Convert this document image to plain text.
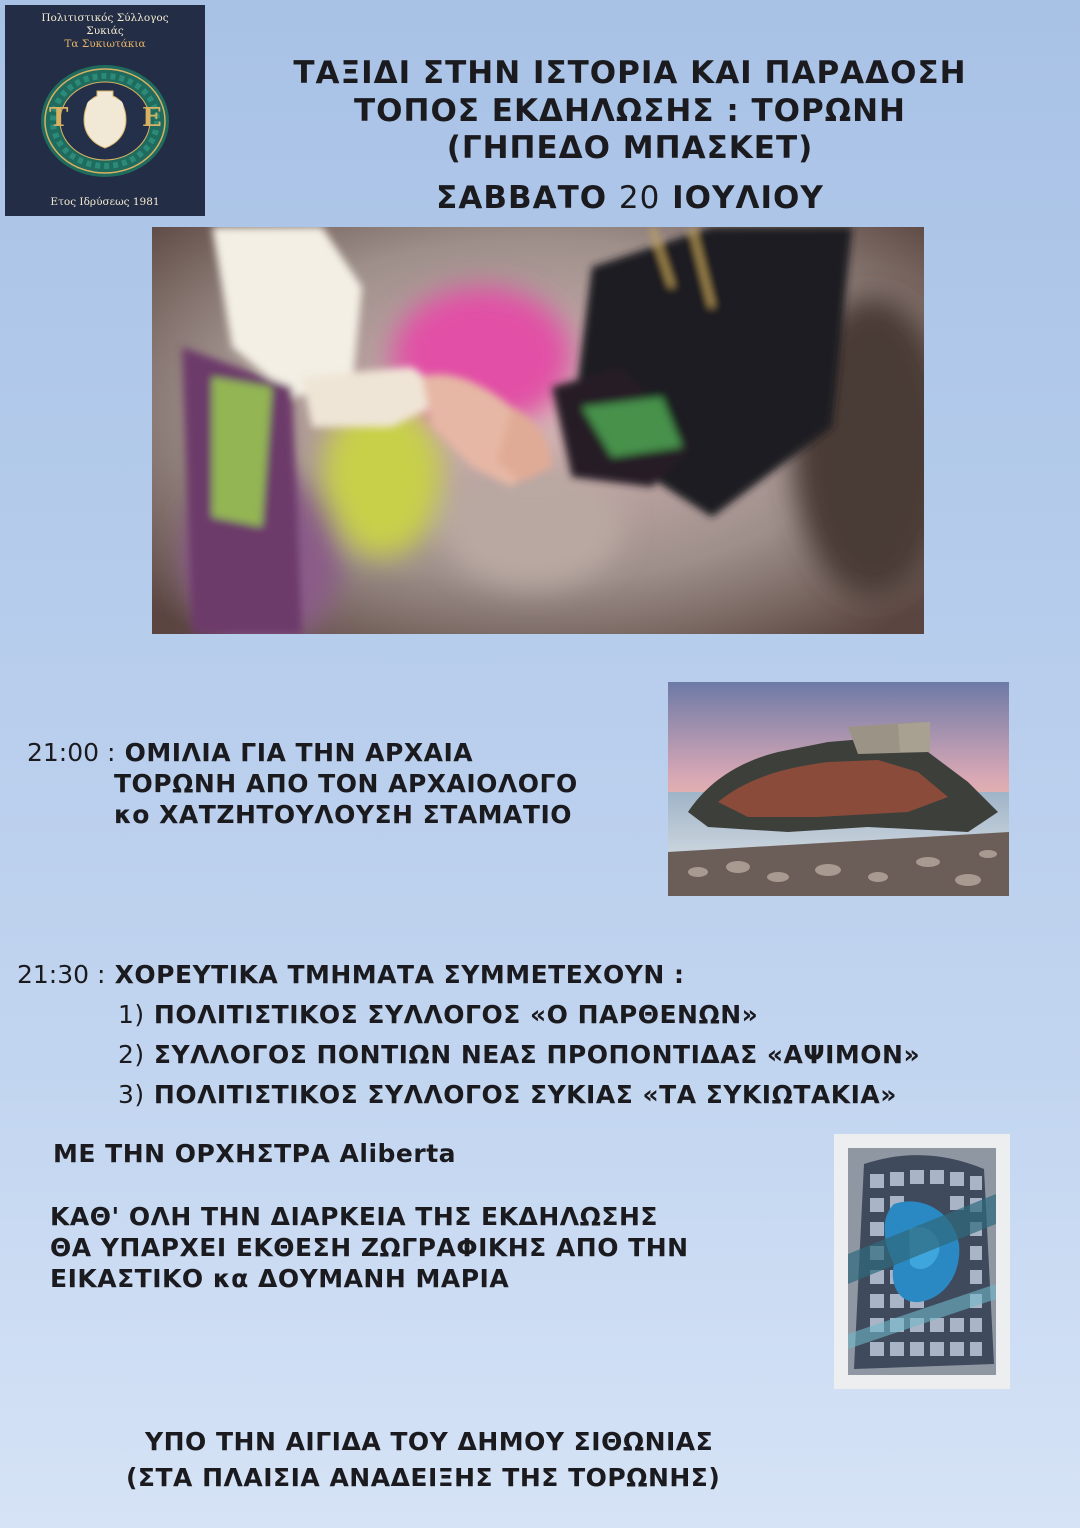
Πολιτιστικός Σύλλογος
Συκιάς
Τα Συκιωτάκια
Τ	Ε
Ετος Ιδρύσεως 1981
ΤΑΞΙΔΙ ΣΤΗΝ ΙΣΤΟΡΙΑ ΚΑΙ ΠΑΡΑΔΟΣΗ
ΤΟΠΟΣ ΕΚΔΗΛΩΣΗΣ : ΤΟΡΩΝΗ
(ΓΗΠΕΔΟ ΜΠΑΣΚΕΤ)
ΣΑΒΒΑΤΟ 20 ΙΟΥΛΙΟΥ
21:00 : ΟΜΙΛΙΑ ΓΙΑ ΤΗΝ ΑΡΧΑΙΑ
ΤΟΡΩΝΗ ΑΠΟ ΤΟΝ ΑΡΧΑΙΟΛΟΓΟ
κο ΧΑΤΖΗΤΟΥΛΟΥΣΗ ΣΤΑΜΑΤΙΟ
21:30 : ΧΟΡΕΥΤΙΚΑ ΤΜΗΜΑΤΑ ΣΥΜΜΕΤΕΧΟΥΝ :
1) ΠΟΛΙΤΙΣΤΙΚΟΣ ΣΥΛΛΟΓΟΣ «Ο ΠΑΡΘΕΝΩΝ»
2) ΣΥΛΛΟΓΟΣ ΠΟΝΤΙΩΝ ΝΕΑΣ ΠΡΟΠΟΝΤΙΔΑΣ «ΑΨΙΜΟΝ»
3) ΠΟΛΙΤΙΣΤΙΚΟΣ ΣΥΛΛΟΓΟΣ ΣΥΚΙΑΣ «ΤΑ ΣΥΚΙΩΤΑΚΙΑ»
ΜΕ ΤΗΝ ΟΡΧΗΣΤΡΑ Aliberta
ΚΑΘ' ΟΛΗ ΤΗΝ ΔΙΑΡΚΕΙΑ ΤΗΣ ΕΚΔΗΛΩΣΗΣ
ΘΑ ΥΠΑΡΧΕΙ ΕΚΘΕΣΗ ΖΩΓΡΑΦΙΚΗΣ ΑΠΟ ΤΗΝ
ΕΙΚΑΣΤΙΚΟ κα ΔΟΥΜΑΝΗ ΜΑΡΙΑ
ΥΠΟ ΤΗΝ ΑΙΓΙΔΑ ΤΟΥ ΔΗΜΟΥ ΣΙΘΩΝΙΑΣ
(ΣΤΑ ΠΛΑΙΣΙΑ ΑΝΑΔΕΙΞΗΣ ΤΗΣ ΤΟΡΩΝΗΣ)
